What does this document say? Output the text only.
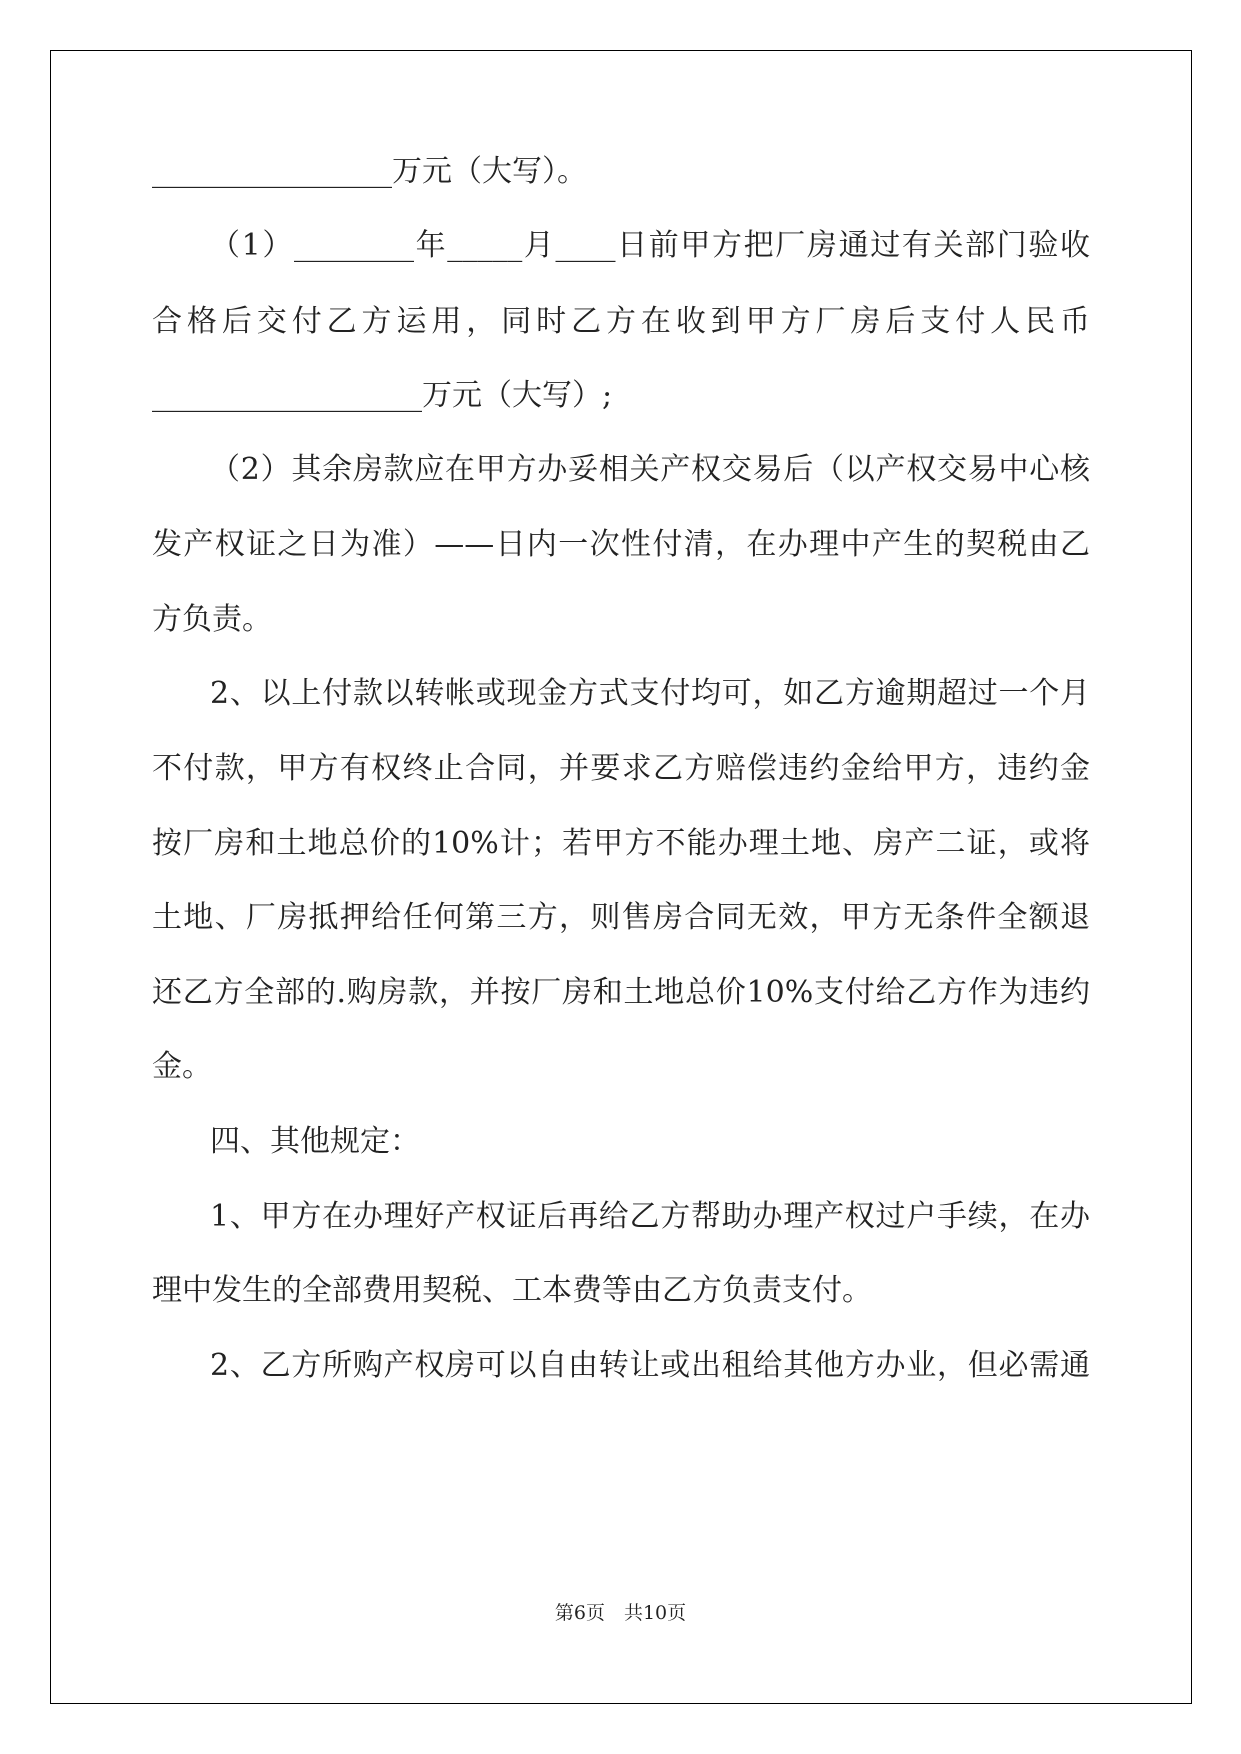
________________万元（大写）。
（1）________年_____月____日前甲方把厂房通过有关部门验收
合格后交付乙方运用，同时乙方在收到甲方厂房后支付人民币
__________________万元（大写）;
（2）其余房款应在甲方办妥相关产权交易后（以产权交易中心核
发产权证之日为准）——日内一次性付清，在办理中产生的契税由乙
方负责。
2、以上付款以转帐或现金方式支付均可，如乙方逾期超过一个月
不付款，甲方有权终止合同，并要求乙方赔偿违约金给甲方，违约金
按厂房和土地总价的10%计；若甲方不能办理土地、房产二证，或将
土地、厂房抵押给任何第三方，则售房合同无效，甲方无条件全额退
还乙方全部的.购房款，并按厂房和土地总价10%支付给乙方作为违约
金。
四、其他规定：
1、甲方在办理好产权证后再给乙方帮助办理产权过户手续，在办
理中发生的全部费用契税、工本费等由乙方负责支付。
2、乙方所购产权房可以自由转让或出租给其他方办业，但必需通
第6页　共10页
